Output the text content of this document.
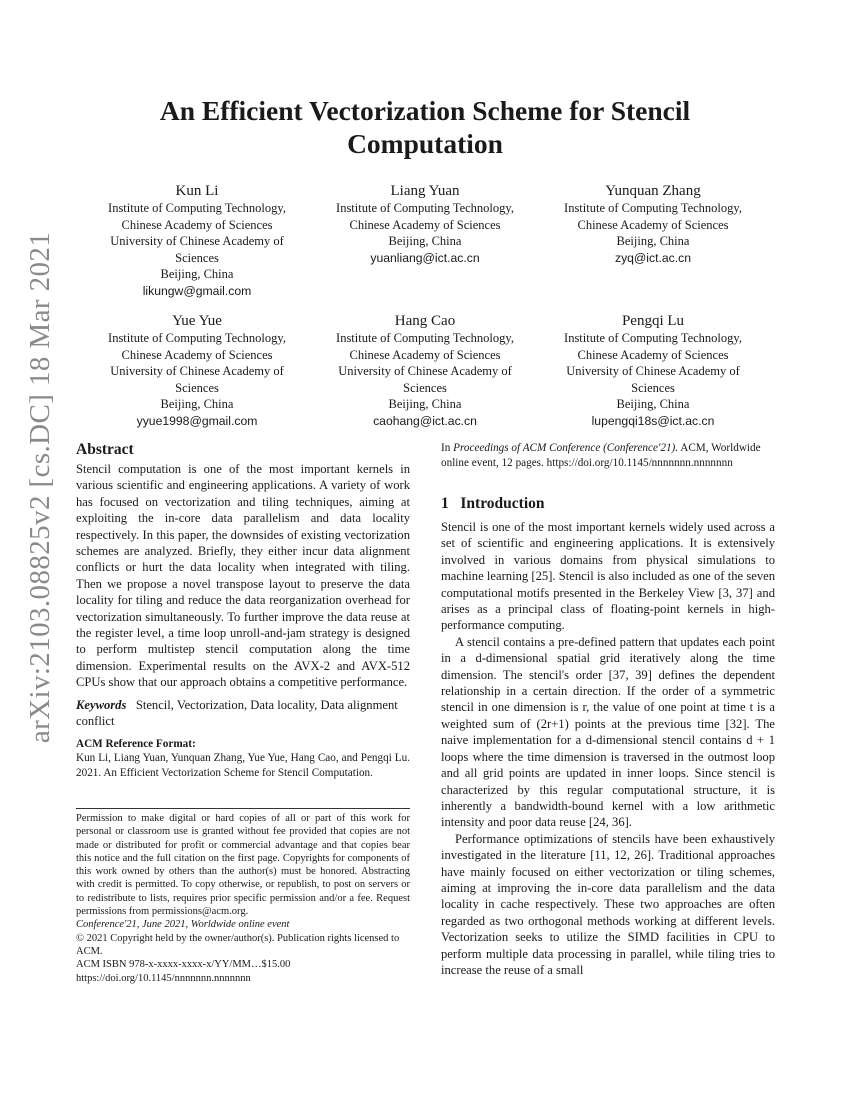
arXiv:2103.08825v2 [cs.DC] 18 Mar 2021
An Efficient Vectorization Scheme for Stencil Computation
Kun Li
Institute of Computing Technology,
Chinese Academy of Sciences
University of Chinese Academy of
Sciences
Beijing, China
likungw@gmail.com
Liang Yuan
Institute of Computing Technology,
Chinese Academy of Sciences
Beijing, China
yuanliang@ict.ac.cn
Yunquan Zhang
Institute of Computing Technology,
Chinese Academy of Sciences
Beijing, China
zyq@ict.ac.cn
Yue Yue
Institute of Computing Technology,
Chinese Academy of Sciences
University of Chinese Academy of
Sciences
Beijing, China
yyue1998@gmail.com
Hang Cao
Institute of Computing Technology,
Chinese Academy of Sciences
University of Chinese Academy of
Sciences
Beijing, China
caohang@ict.ac.cn
Pengqi Lu
Institute of Computing Technology,
Chinese Academy of Sciences
University of Chinese Academy of
Sciences
Beijing, China
lupengqi18s@ict.ac.cn
Abstract

Stencil computation is one of the most important kernels in various scientific and engineering applications. A variety of work has focused on vectorization and tiling techniques, aiming at exploiting the in-core data parallelism and data locality respectively. In this paper, the downsides of existing vectorization schemes are analyzed. Briefly, they either incur data alignment conflicts or hurt the data locality when integrated with tiling. Then we propose a novel transpose layout to preserve the data locality for tiling and reduce the data reorganization overhead for vectorization simultaneously. To further improve the data reuse at the register level, a time loop unroll-and-jam strategy is designed to perform multistep stencil computation along the time dimension. Experimental results on the AVX-2 and AVX-512 CPUs show that our approach obtains a competitive performance.

Keywords Stencil, Vectorization, Data locality, Data alignment conflict

ACM Reference Format:
Kun Li, Liang Yuan, Yunquan Zhang, Yue Yue, Hang Cao, and Pengqi Lu. 2021. An Efficient Vectorization Scheme for Stencil Computation.

Permission to make digital or hard copies of all or part of this work for personal or classroom use is granted without fee provided that copies are not made or distributed for profit or commercial advantage and that copies bear this notice and the full citation on the first page. Copyrights for components of this work owned by others than the author(s) must be honored. Abstracting with credit is permitted. To copy otherwise, or republish, to post on servers or to redistribute to lists, requires prior specific permission and/or a fee. Request permissions from permissions@acm.org.

Conference'21, June 2021, Worldwide online event

© 2021 Copyright held by the owner/author(s). Publication rights licensed to ACM.

ACM ISBN 978-x-xxxx-xxxx-x/YY/MM…$15.00

https://doi.org/10.1145/nnnnnnn.nnnnnnn

In Proceedings of ACM Conference (Conference'21). ACM, Worldwide online event, 12 pages. https://doi.org/10.1145/nnnnnnn.nnnnnnn
1 Introduction

Stencil is one of the most important kernels widely used across a set of scientific and engineering applications. It is extensively involved in various domains from physical simulations to machine learning [25]. Stencil is also included as one of the seven computational motifs presented in the Berkeley View [3, 37] and arises as a principal class of floating-point kernels in high-performance computing.

A stencil contains a pre-defined pattern that updates each point in a d-dimensional spatial grid iteratively along the time dimension. The stencil's order [37, 39] defines the dependent relationship in a certain direction. If the order of a symmetric stencil in one dimension is r, the value of one point at time t is a weighted sum of (2r+1) points at the previous time [32]. The naive implementation for a d-dimensional stencil contains d + 1 loops where the time dimension is traversed in the outmost loop and all grid points are updated in inner loops. Since stencil is characterized by this regular computational structure, it is inherently a bandwidth-bound kernel with a low arithmetic intensity and poor data reuse [24, 36].

Performance optimizations of stencils have been exhaustively investigated in the literature [11, 12, 26]. Traditional approaches have mainly focused on either vectorization or tiling schemes, aiming at improving the in-core data parallelism and the data locality in cache respectively. These two approaches are often regarded as two orthogonal methods working at different levels. Vectorization seeks to utilize the SIMD facilities in CPU to perform multiple data processing in parallel, while tiling tries to increase the reuse of a small
